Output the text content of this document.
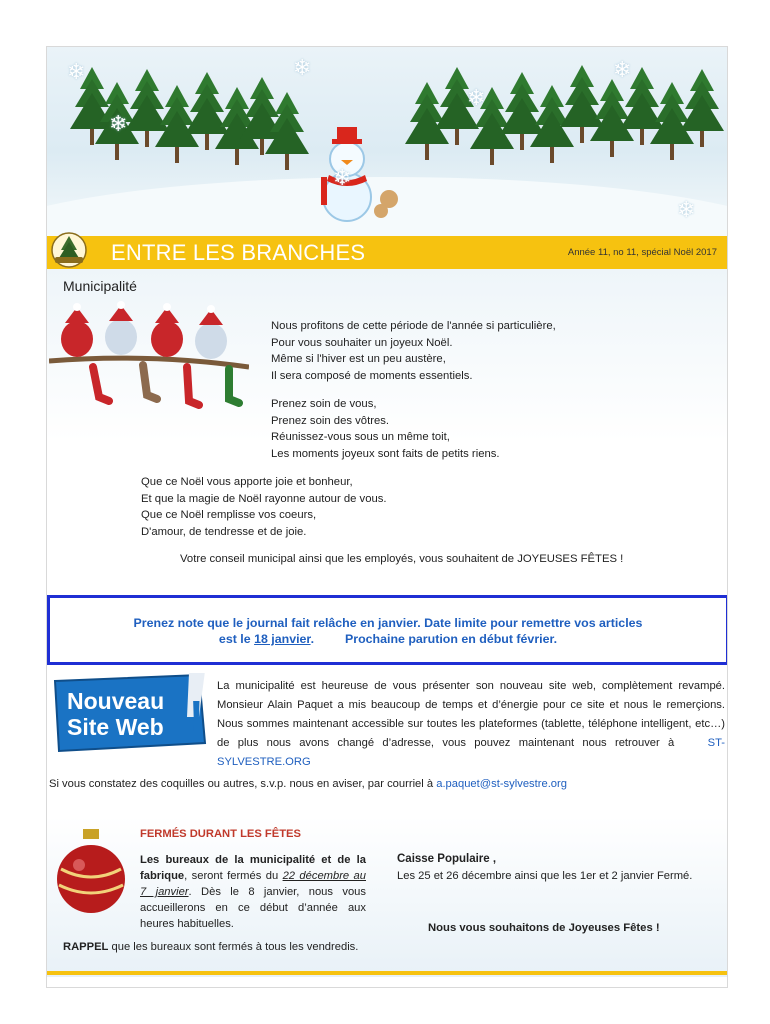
❄
❄
❄
❄
❄
❄
❄
ENTRE LES BRANCHES	Année 11, no 11, spécial Noël 2017
Municipalité
Nous profitons de cette période de l'année si particulière,
Pour vous souhaiter un joyeux Noël.
Même si l'hiver est un peu austère,
Il sera composé de moments essentiels.
Prenez soin de vous,
Prenez soin des vôtres.
Réunissez-vous sous un même toit,
Les moments joyeux sont faits de petits riens.
Que ce Noël vous apporte joie et bonheur,
Et que la magie de Noël rayonne autour de vous.
Que ce Noël remplisse vos coeurs,
D'amour, de tendresse et de joie.
Votre conseil municipal ainsi que les employés, vous souhaitent de JOYEUSES FÊTES !

Prenez note que le journal fait relâche en janvier. Date limite pour remettre vos articles

est le 18 janvier. Prochaine parution en début février.

Nouveau
Site Web !
La municipalité est heureuse de vous présenter son nouveau site web, complètement revampé. Monsieur Alain Paquet a mis beaucoup de temps et d’énergie pour ce site et nous le remerçions. Nous sommes maintenant accessible sur toutes les plateformes (tablette, téléphone intelligent, etc…) de plus nous avons changé d’adresse, vous pouvez maintenant nous retrouver à	ST-SYLVESTRE.ORG
Si vous constatez des coquilles ou autres, s.v.p. nous en aviser, par courriel à a.paquet@st-sylvestre.org
FERMÉS DURANT LES FÊTES
Les bureaux de la municipalité et de la fabrique, seront fermés du 22 décembre au 7 janvier. Dès le 8 janvier, nous vous accueillerons en ce début d’année aux heures habituelles.
RAPPEL que les bureaux sont fermés à tous les vendredis.
Caisse Populaire ,
Les 25 et 26 décembre ainsi que les 1er et 2 janvier Fermé.
Nous vous souhaitons de Joyeuses Fêtes !
